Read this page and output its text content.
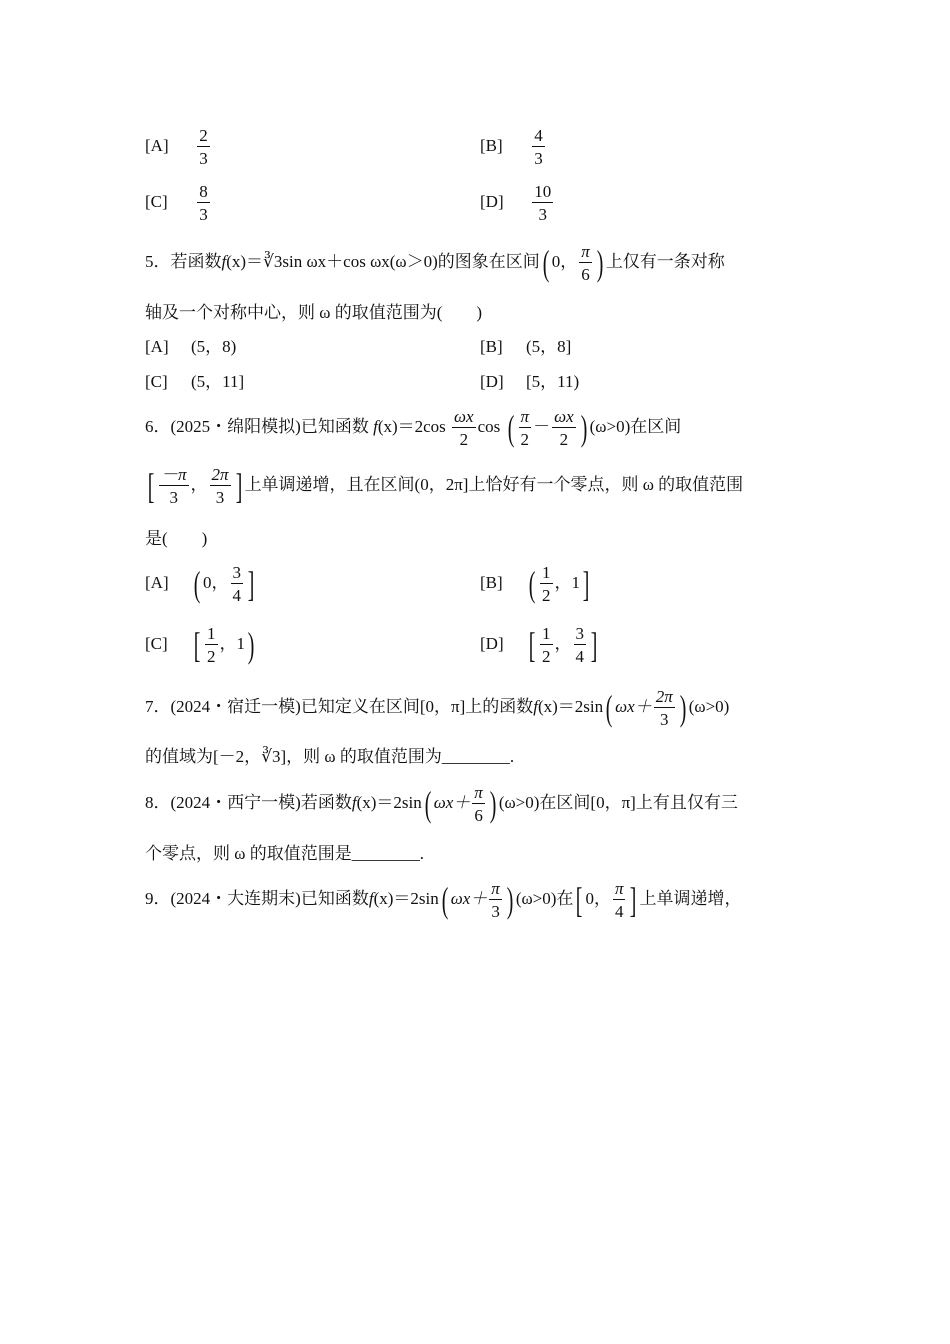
$[A] \frac{2}{3}$	$[B] \frac{4}{3}$
$[C] \frac{8}{3}$	$[D] \frac{10}{3}$
5．若函数f(x)＝∛3sin ωx＋cos ωx(ω＞0)的图象在区间( 0， $\frac{\pi}{6}$ ) 上仅有一条对称
轴及一个对称中心，则 ω 的取值范围为(　　)
[A] (5，8)	[B] (5，8]
[C] (5，11]	[D] [5，11)
6．(2025・绵阳模拟)已知函数 $f(x)=2\cos \frac{\omega x}{2}$ cos ( $\frac{\pi}{2} - \frac{\omega x}{2}$ ) (ω>0)在区间
[ $\frac{-\pi}{3}$ ， $\frac{2\pi}{3}$ ] 上单调递增，且在区间(0，2π]上恰好有一个零点，则 ω 的取值范围
是(　　)
[A] ( 0， $\frac{3}{4}$ ]	[B] ( $\frac{1}{2}$ ，1]
[C] [ $\frac{1}{2}$ ，1)	[D] [ $\frac{1}{2}$ ， $\frac{3}{4}$ ]
7．(2024・宿迁一模)已知定义在区间[0，π]上的函数f(x)＝2sin( $\omega x+ \frac{2\pi}{3}$ ) (ω>0)
的值域为[－2，∛3]，则 ω 的取值范围为________.
8．(2024・西宁一模)若函数f(x)＝2sin( $\omega x+ \frac{\pi}{6}$ ) (ω>0)在区间[0，π]上有且仅有三
个零点，则 ω 的取值范围是________.
9．(2024・大连期末)已知函数f(x)＝2sin( $\omega x+ \frac{\pi}{3}$ ) (ω>0)在[ 0， $\frac{\pi}{4}$ ] 上单调递增，
